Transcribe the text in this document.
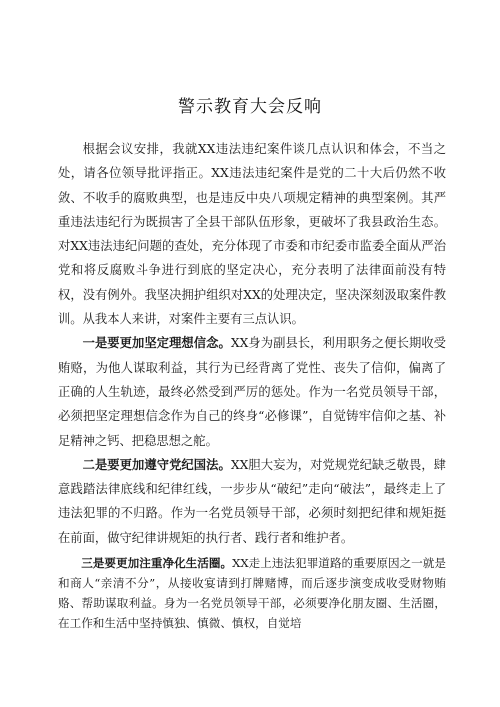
警示教育大会反响

根据会议安排，我就XX违法违纪案件谈几点认识和体会，不当之处，请各位领导批评指正。XX违法违纪案件是党的二十大后仍然不收敛、不收手的腐败典型，也是违反中央八项规定精神的典型案例。其严重违法违纪行为既损害了全县干部队伍形象，更破坏了我县政治生态。对XX违法违纪问题的查处，充分体现了市委和市纪委市监委全面从严治党和将反腐败斗争进行到底的坚定决心，充分表明了法律面前没有特权，没有例外。我坚决拥护组织对XX的处理决定，坚决深刻汲取案件教训。从我本人来讲，对案件主要有三点认识。

一是要更加坚定理想信念。XX身为副县长，利用职务之便长期收受贿赂，为他人谋取利益，其行为已经背离了党性、丧失了信仰，偏离了正确的人生轨迹，最终必然受到严厉的惩处。作为一名党员领导干部，必须把坚定理想信念作为自己的终身“必修课”，自觉铸牢信仰之基、补足精神之钙、把稳思想之舵。

二是要更加遵守党纪国法。XX胆大妄为，对党规党纪缺乏敬畏，肆意践踏法律底线和纪律红线，一步步从“破纪”走向“破法”，最终走上了违法犯罪的不归路。作为一名党员领导干部，必须时刻把纪律和规矩挺在前面，做守纪律讲规矩的执行者、践行者和维护者。

三是要更加注重净化生活圈。XX走上违法犯罪道路的重要原因之一就是和商人“亲清不分”，从接收宴请到打牌赌博，而后逐步演变成收受财物贿赂、帮助谋取利益。身为一名党员领导干部，必须要净化朋友圈、生活圈，在工作和生活中坚持慎独、慎微、慎权，自觉培
